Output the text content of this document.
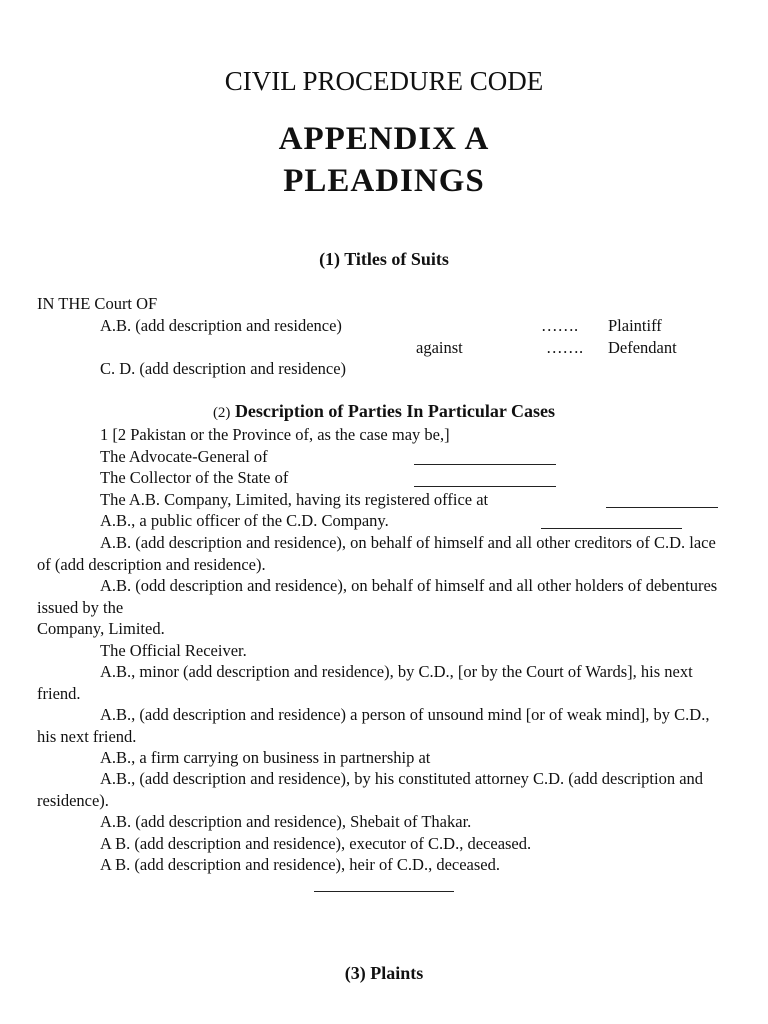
CIVIL PROCEDURE CODE
APPENDIX A
PLEADINGS
(1) Titles of Suits
IN THE Court OF
A.B. (add description and residence)	……. Plaintiff
against	……. Defendant
C. D. (add description and residence)
(2) Description of Parties In Particular Cases
1 [2 Pakistan or the Province of, as the case may be,]
The Advocate-General of
The Collector of the State of
The A.B. Company, Limited, having its registered office at
A.B., a public officer of the C.D. Company.
A.B. (add description and residence), on behalf of himself and all other creditors of C.D. lace of (add description and residence).
A.B. (odd description and residence), on behalf of himself and all other holders of debentures issued by the
Company, Limited.
The Official Receiver.
A.B., minor (add description and residence), by C.D., [or by the Court of Wards], his next friend.
A.B., (add description and residence) a person of unsound mind [or of weak mind], by C.D., his next friend.
A.B., a firm carrying on business in partnership at
A.B., (add description and residence), by his constituted attorney C.D. (add description and residence).
A.B. (add description and residence), Shebait of Thakar.
A B. (add description and residence), executor of C.D., deceased.
A B. (add description and residence), heir of C.D., deceased.
(3) Plaints
